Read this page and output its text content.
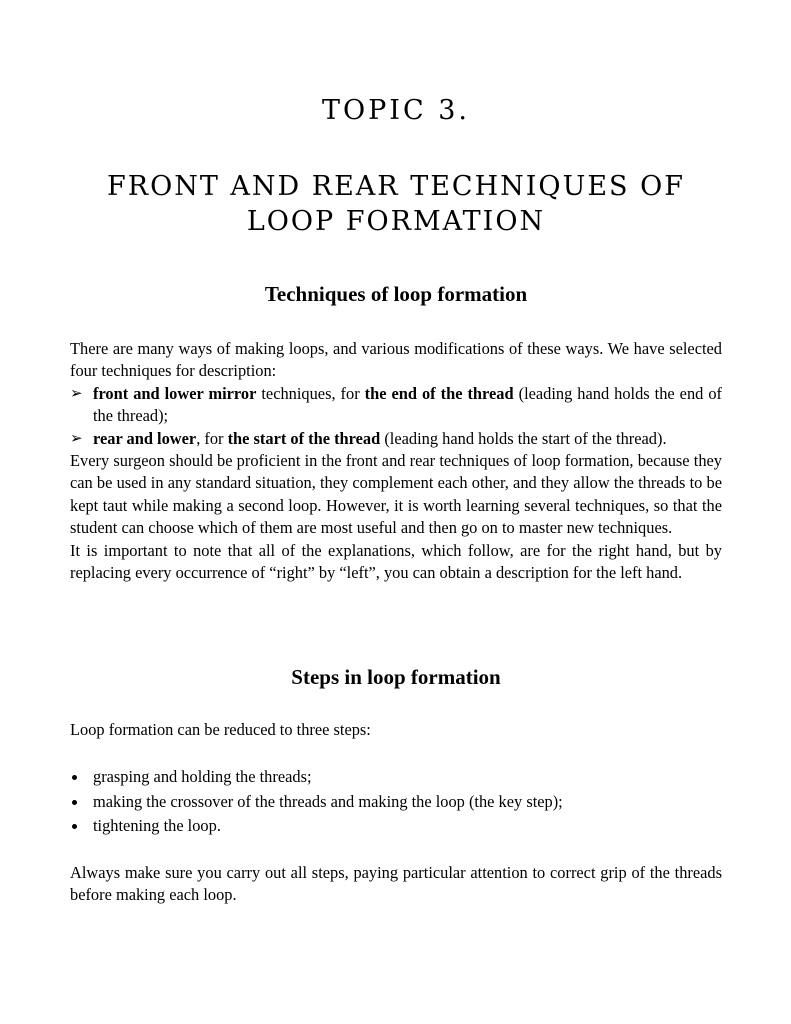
TOPIC 3.
FRONT AND REAR TECHNIQUES OF
LOOP FORMATION
Techniques of loop formation

There are many ways of making loops, and various modifications of these ways. We have selected four techniques for description:

➢ front and lower mirror techniques, for the end of the thread (leading hand holds the end of the thread);

➢ rear and lower, for the start of the thread (leading hand holds the start of the thread).

Every surgeon should be proficient in the front and rear techniques of loop formation, because they can be used in any standard situation, they complement each other, and they allow the threads to be kept taut while making a second loop. However, it is worth learning several techniques, so that the student can choose which of them are most useful and then go on to master new techniques.

It is important to note that all of the explanations, which follow, are for the right hand, but by replacing every occurrence of “right” by “left”, you can obtain a description for the left hand.

Steps in loop formation

Loop formation can be reduced to three steps:

grasping and holding the threads;
making the crossover of the threads and making the loop (the key step);
tightening the loop.

Always make sure you carry out all steps, paying particular attention to correct grip of the threads before making each loop.
